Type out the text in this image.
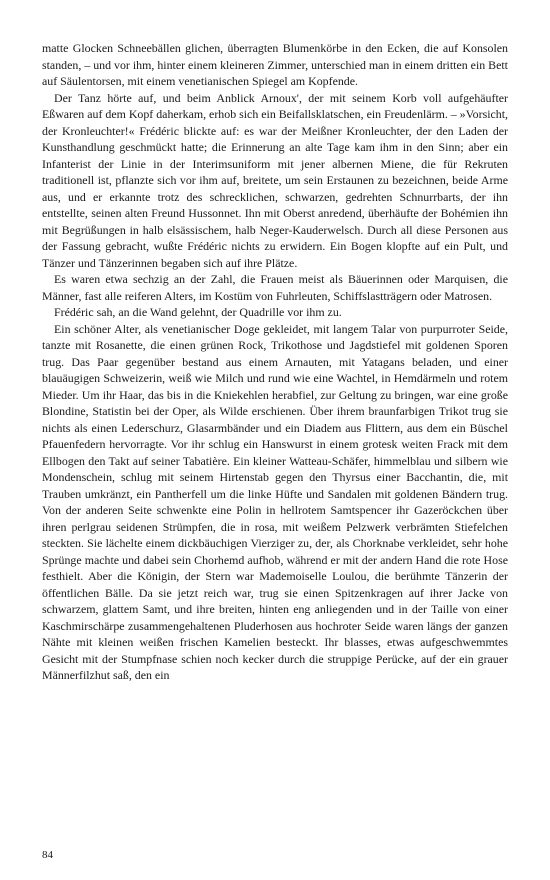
matte Glocken Schneebällen glichen, überragten Blumenkörbe in den Ecken, die auf Konsolen standen, – und vor ihm, hinter einem kleineren Zimmer, unterschied man in einem dritten ein Bett auf Säulentorsen, mit einem venetianischen Spiegel am Kopfende.

Der Tanz hörte auf, und beim Anblick Arnoux', der mit seinem Korb voll aufgehäufter Eßwaren auf dem Kopf daherkam, erhob sich ein Beifallsklatschen, ein Freudenlärm. – »Vorsicht, der Kronleuchter!« Frédéric blickte auf: es war der Meißner Kronleuchter, der den Laden der Kunsthandlung geschmückt hatte; die Erinnerung an alte Tage kam ihm in den Sinn; aber ein Infanterist der Linie in der Interimsuniform mit jener albernen Miene, die für Rekruten traditionell ist, pflanzte sich vor ihm auf, breitete, um sein Erstaunen zu bezeichnen, beide Arme aus, und er erkannte trotz des schrecklichen, schwarzen, gedrehten Schnurrbarts, der ihn entstellte, seinen alten Freund Hussonnet. Ihn mit Oberst anredend, überhäufte der Bohémien ihn mit Begrüßungen in halb elsässischem, halb Neger-Kauderwelsch. Durch all diese Personen aus der Fassung gebracht, wußte Frédéric nichts zu erwidern. Ein Bogen klopfte auf ein Pult, und Tänzer und Tänzerinnen begaben sich auf ihre Plätze.

Es waren etwa sechzig an der Zahl, die Frauen meist als Bäuerinnen oder Marquisen, die Männer, fast alle reiferen Alters, im Kostüm von Fuhrleuten, Schiffslastträgern oder Matrosen.

Frédéric sah, an die Wand gelehnt, der Quadrille vor ihm zu.

Ein schöner Alter, als venetianischer Doge gekleidet, mit langem Talar von purpurroter Seide, tanzte mit Rosanette, die einen grünen Rock, Trikothose und Jagdstiefel mit goldenen Sporen trug. Das Paar gegenüber bestand aus einem Arnauten, mit Yatagans beladen, und einer blauäugigen Schweizerin, weiß wie Milch und rund wie eine Wachtel, in Hemdärmeln und rotem Mieder. Um ihr Haar, das bis in die Kniekehlen herabfiel, zur Geltung zu bringen, war eine große Blondine, Statistin bei der Oper, als Wilde erschienen. Über ihrem braunfarbigen Trikot trug sie nichts als einen Lederschurz, Glasarmbänder und ein Diadem aus Flittern, aus dem ein Büschel Pfauenfedern hervorragte. Vor ihr schlug ein Hanswurst in einem grotesk weiten Frack mit dem Ellbogen den Takt auf seiner Tabatière. Ein kleiner Watteau-Schäfer, himmelblau und silbern wie Mondenschein, schlug mit seinem Hirtenstab gegen den Thyrsus einer Bacchantin, die, mit Trauben umkränzt, ein Pantherfell um die linke Hüfte und Sandalen mit goldenen Bändern trug. Von der anderen Seite schwenkte eine Polin in hellrotem Samtspencer ihr Gazeröckchen über ihren perlgrau seidenen Strümpfen, die in rosa, mit weißem Pelzwerk verbrämten Stiefelchen steckten. Sie lächelte einem dickbäuchigen Vierziger zu, der, als Chorknabe verkleidet, sehr hohe Sprünge machte und dabei sein Chorhemd aufhob, während er mit der andern Hand die rote Hose festhielt. Aber die Königin, der Stern war Mademoiselle Loulou, die berühmte Tänzerin der öffentlichen Bälle. Da sie jetzt reich war, trug sie einen Spitzenkragen auf ihrer Jacke von schwarzem, glattem Samt, und ihre breiten, hinten eng anliegenden und in der Taille von einer Kaschmirschärpe zusammengehaltenen Pluderhosen aus hochroter Seide waren längs der ganzen Nähte mit kleinen weißen frischen Kamelien besteckt. Ihr blasses, etwas aufgeschwemmtes Gesicht mit der Stumpfnase schien noch kecker durch die struppige Perücke, auf der ein grauer Männerfilzhut saß, den ein

84
